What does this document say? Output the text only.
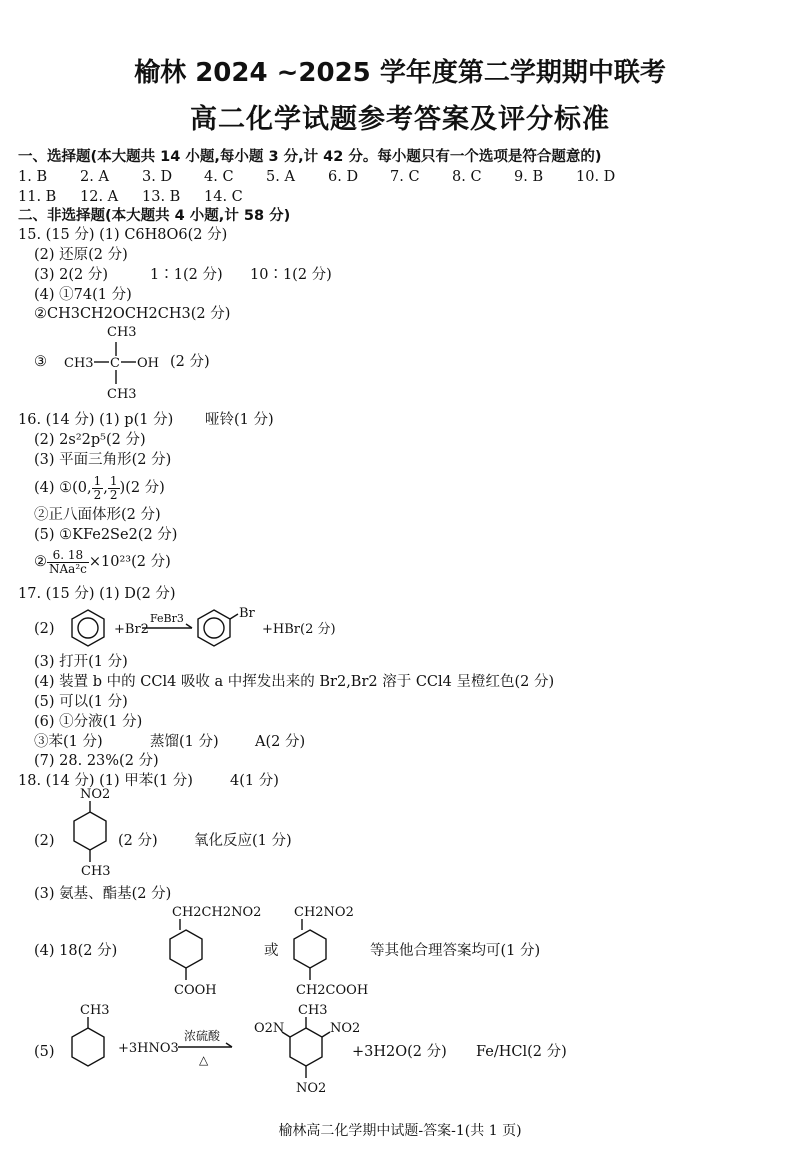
榆林 2024 ~2025 学年度第二学期期中联考
高二化学试题参考答案及评分标准
一、选择题(本大题共 14 小题,每小题 3 分,计 42 分。每小题只有一个选项是符合题意的)
1. B 2. A 3. D 4. C 5. A 6. D 7. C 8. C 9. B 10. D
11. B 12. A 13. B 14. C
二、非选择题(本大题共 4 小题,计 58 分)
15. (15 分) (1) C6H8O6(2 分)
(2) 还原(2 分)
(3) 2(2 分)	1∶1(2 分) 10∶1(2 分)
(4) ①74(1 分)
②CH3CH2OCH2CH3(2 分)
③
CH3
CH3 C OH
CH3
(2 分)
16. (14 分) (1) p(1 分) 哑铃(1 分)
(2) 2s²2p⁵(2 分)
(3) 平面三角形(2 分)
(4) ①(0, $\frac{1}{2}$ , $\frac{1}{2} )(2$ 分)
②正八面体形(2 分)
(5) ①KFe2Se2(2 分)
② $\frac{6. 18}{\text{NAa²c}} \times 10^{23}(2$ 分)
17. (15 分) (1) D(2 分)
(2)	+Br2
FeBr3	Br
+HBr(2 分)
(3) 打开(1 分)
(4) 装置 b 中的 CCl4 吸收 a 中挥发出来的 Br2,Br2 溶于 CCl4 呈橙红色(2 分)
(5) 可以(1 分)
(6) ①分液(1 分)
③苯(1 分)	蒸馏(1 分)	A(2 分)
(7) 28. 23%(2 分)
18. (14 分) (1) 甲苯(1 分)	4(1 分)
(2)
NO2
CH3
(2 分)	氧化反应(1 分)
(3) 氨基、酯基(2 分)
(4) 18(2 分)
CH2CH2NO2
COOH
或
CH2NO2
CH2COOH
等其他合理答案均可(1 分)
(5)
CH3
+3HNO3
浓硫酸
△
CH3
O2N	NO2
NO2
+3H2O(2 分) Fe/HCl(2 分)
榆林高二化学期中试题-答案-1(共 1 页)
